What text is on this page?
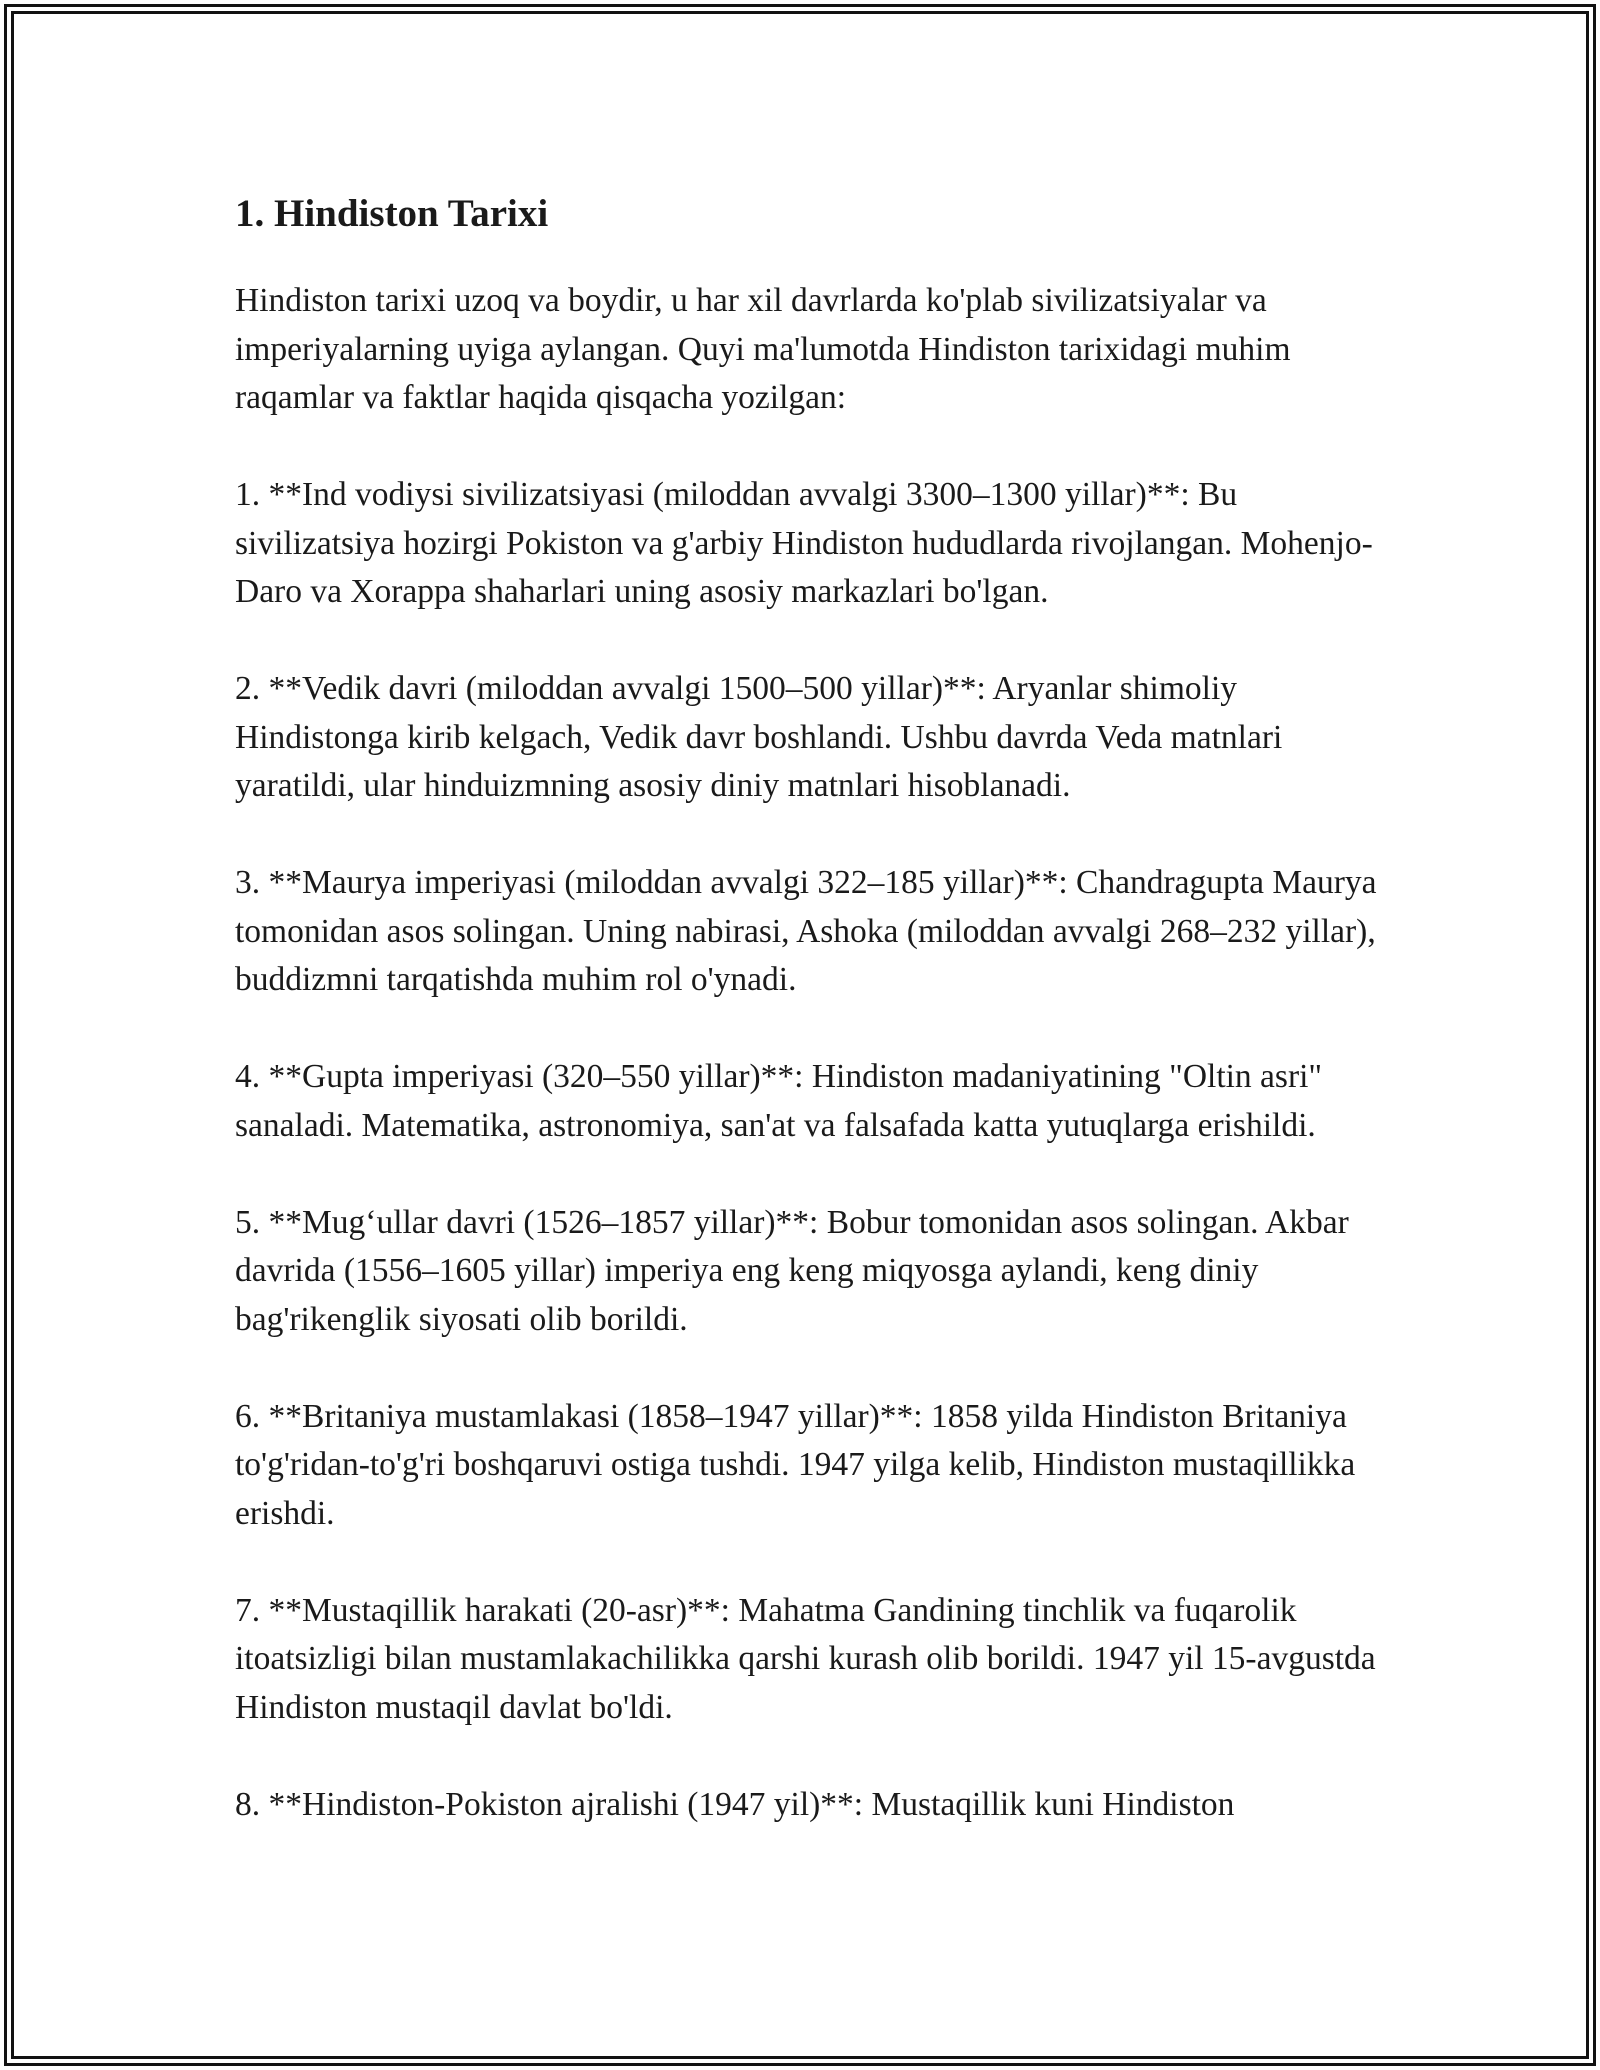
1. Hindiston Tarixi

Hindiston tarixi uzoq va boydir, u har xil davrlarda ko'plab sivilizatsiyalar va imperiyalarning uyiga aylangan. Quyi ma'lumotda Hindiston tarixidagi muhim raqamlar va faktlar haqida qisqacha yozilgan:

1. **Ind vodiysi sivilizatsiyasi (miloddan avvalgi 3300–1300 yillar)**: Bu sivilizatsiya hozirgi Pokiston va g'arbiy Hindiston hududlarda rivojlangan. Mohenjo-Daro va Xorappa shaharlari uning asosiy markazlari bo'lgan.

2. **Vedik davri (miloddan avvalgi 1500–500 yillar)**: Aryanlar shimoliy Hindistonga kirib kelgach, Vedik davr boshlandi. Ushbu davrda Veda matnlari yaratildi, ular hinduizmning asosiy diniy matnlari hisoblanadi.

3. **Maurya imperiyasi (miloddan avvalgi 322–185 yillar)**: Chandragupta Maurya tomonidan asos solingan. Uning nabirasi, Ashoka (miloddan avvalgi 268–232 yillar), buddizmni tarqatishda muhim rol o'ynadi.

4. **Gupta imperiyasi (320–550 yillar)**: Hindiston madaniyatining "Oltin asri" sanaladi. Matematika, astronomiya, san'at va falsafada katta yutuqlarga erishildi.

5. **Mug‘ullar davri (1526–1857 yillar)**: Bobur tomonidan asos solingan. Akbar davrida (1556–1605 yillar) imperiya eng keng miqyosga aylandi, keng diniy bag'rikenglik siyosati olib borildi.

6. **Britaniya mustamlakasi (1858–1947 yillar)**: 1858 yilda Hindiston Britaniya to'g'ridan-to'g'ri boshqaruvi ostiga tushdi. 1947 yilga kelib, Hindiston mustaqillikka erishdi.

7. **Mustaqillik harakati (20-asr)**: Mahatma Gandining tinchlik va fuqarolik itoatsizligi bilan mustamlakachilikka qarshi kurash olib borildi. 1947 yil 15-avgustda Hindiston mustaqil davlat bo'ldi.

8. **Hindiston-Pokiston ajralishi (1947 yil)**: Mustaqillik kuni Hindiston
